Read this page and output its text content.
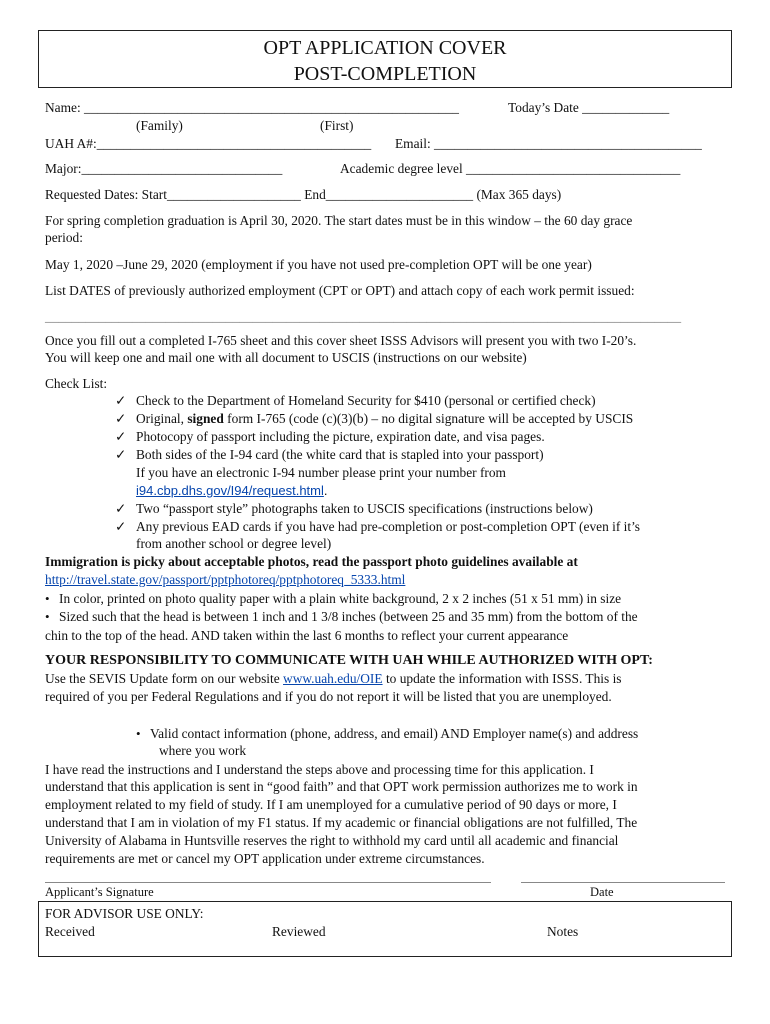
OPT APPLICATION COVER
POST-COMPLETION
Name: ________________________________________________________	Today’s Date _____________
(Family)	(First)
UAH A#:_________________________________________ Email: ________________________________________
Major:______________________________	Academic degree level ________________________________
Requested Dates: Start____________________ End______________________ (Max 365 days)
For spring completion graduation is April 30, 2020. The start dates must be in this window – the 60 day grace
period:
May 1, 2020 –June 29, 2020 (employment if you have not used pre-completion OPT will be one year)
List DATES of previously authorized employment (CPT or OPT) and attach copy of each work permit issued:
_______________________________________________________________________________________________
Once you fill out a completed I-765 sheet and this cover sheet ISSS Advisors will present you with two I-20’s.
You will keep one and mail one with all document to USCIS (instructions on our website)
Check List:
✓ Check to the Department of Homeland Security for $410 (personal or certified check)
✓ Original, signed form I-765 (code (c)(3)(b) – no digital signature will be accepted by USCIS
✓ Photocopy of passport including the picture, expiration date, and visa pages.
✓ Both sides of the I-94 card (the white card that is stapled into your passport)
If you have an electronic I-94 number please print your number from
i94.cbp.dhs.gov/I94/request.html.
✓ Two “passport style” photographs taken to USCIS specifications (instructions below)
✓ Any previous EAD cards if you have had pre-completion or post-completion OPT (even if it’s
from another school or degree level)
Immigration is picky about acceptable photos, read the passport photo guidelines available at
http://travel.state.gov/passport/pptphotoreq/pptphotoreq_5333.html
• In color, printed on photo quality paper with a plain white background, 2 x 2 inches (51 x 51 mm) in size
• Sized such that the head is between 1 inch and 1 3/8 inches (between 25 and 35 mm) from the bottom of the
chin to the top of the head. AND taken within the last 6 months to reflect your current appearance
YOUR RESPONSIBILITY TO COMMUNICATE WITH UAH WHILE AUTHORIZED WITH OPT:
Use the SEVIS Update form on our website www.uah.edu/OIE to update the information with ISSS. This is
required of you per Federal Regulations and if you do not report it will be listed that you are unemployed.
• Valid contact information (phone, address, and email) AND Employer name(s) and address
where you work
I have read the instructions and I understand the steps above and processing time for this application. I
understand that this application is sent in “good faith” and that OPT work permission authorizes me to work in
employment related to my field of study. If I am unemployed for a cumulative period of 90 days or more, I
understand that I am in violation of my F1 status. If my academic or financial obligations are not fulfilled, The
University of Alabama in Huntsville reserves the right to withhold my card until all academic and financial
requirements are met or cancel my OPT application under extreme circumstances.
Applicant’s Signature	Date
FOR ADVISOR USE ONLY:
Received	Reviewed	Notes
